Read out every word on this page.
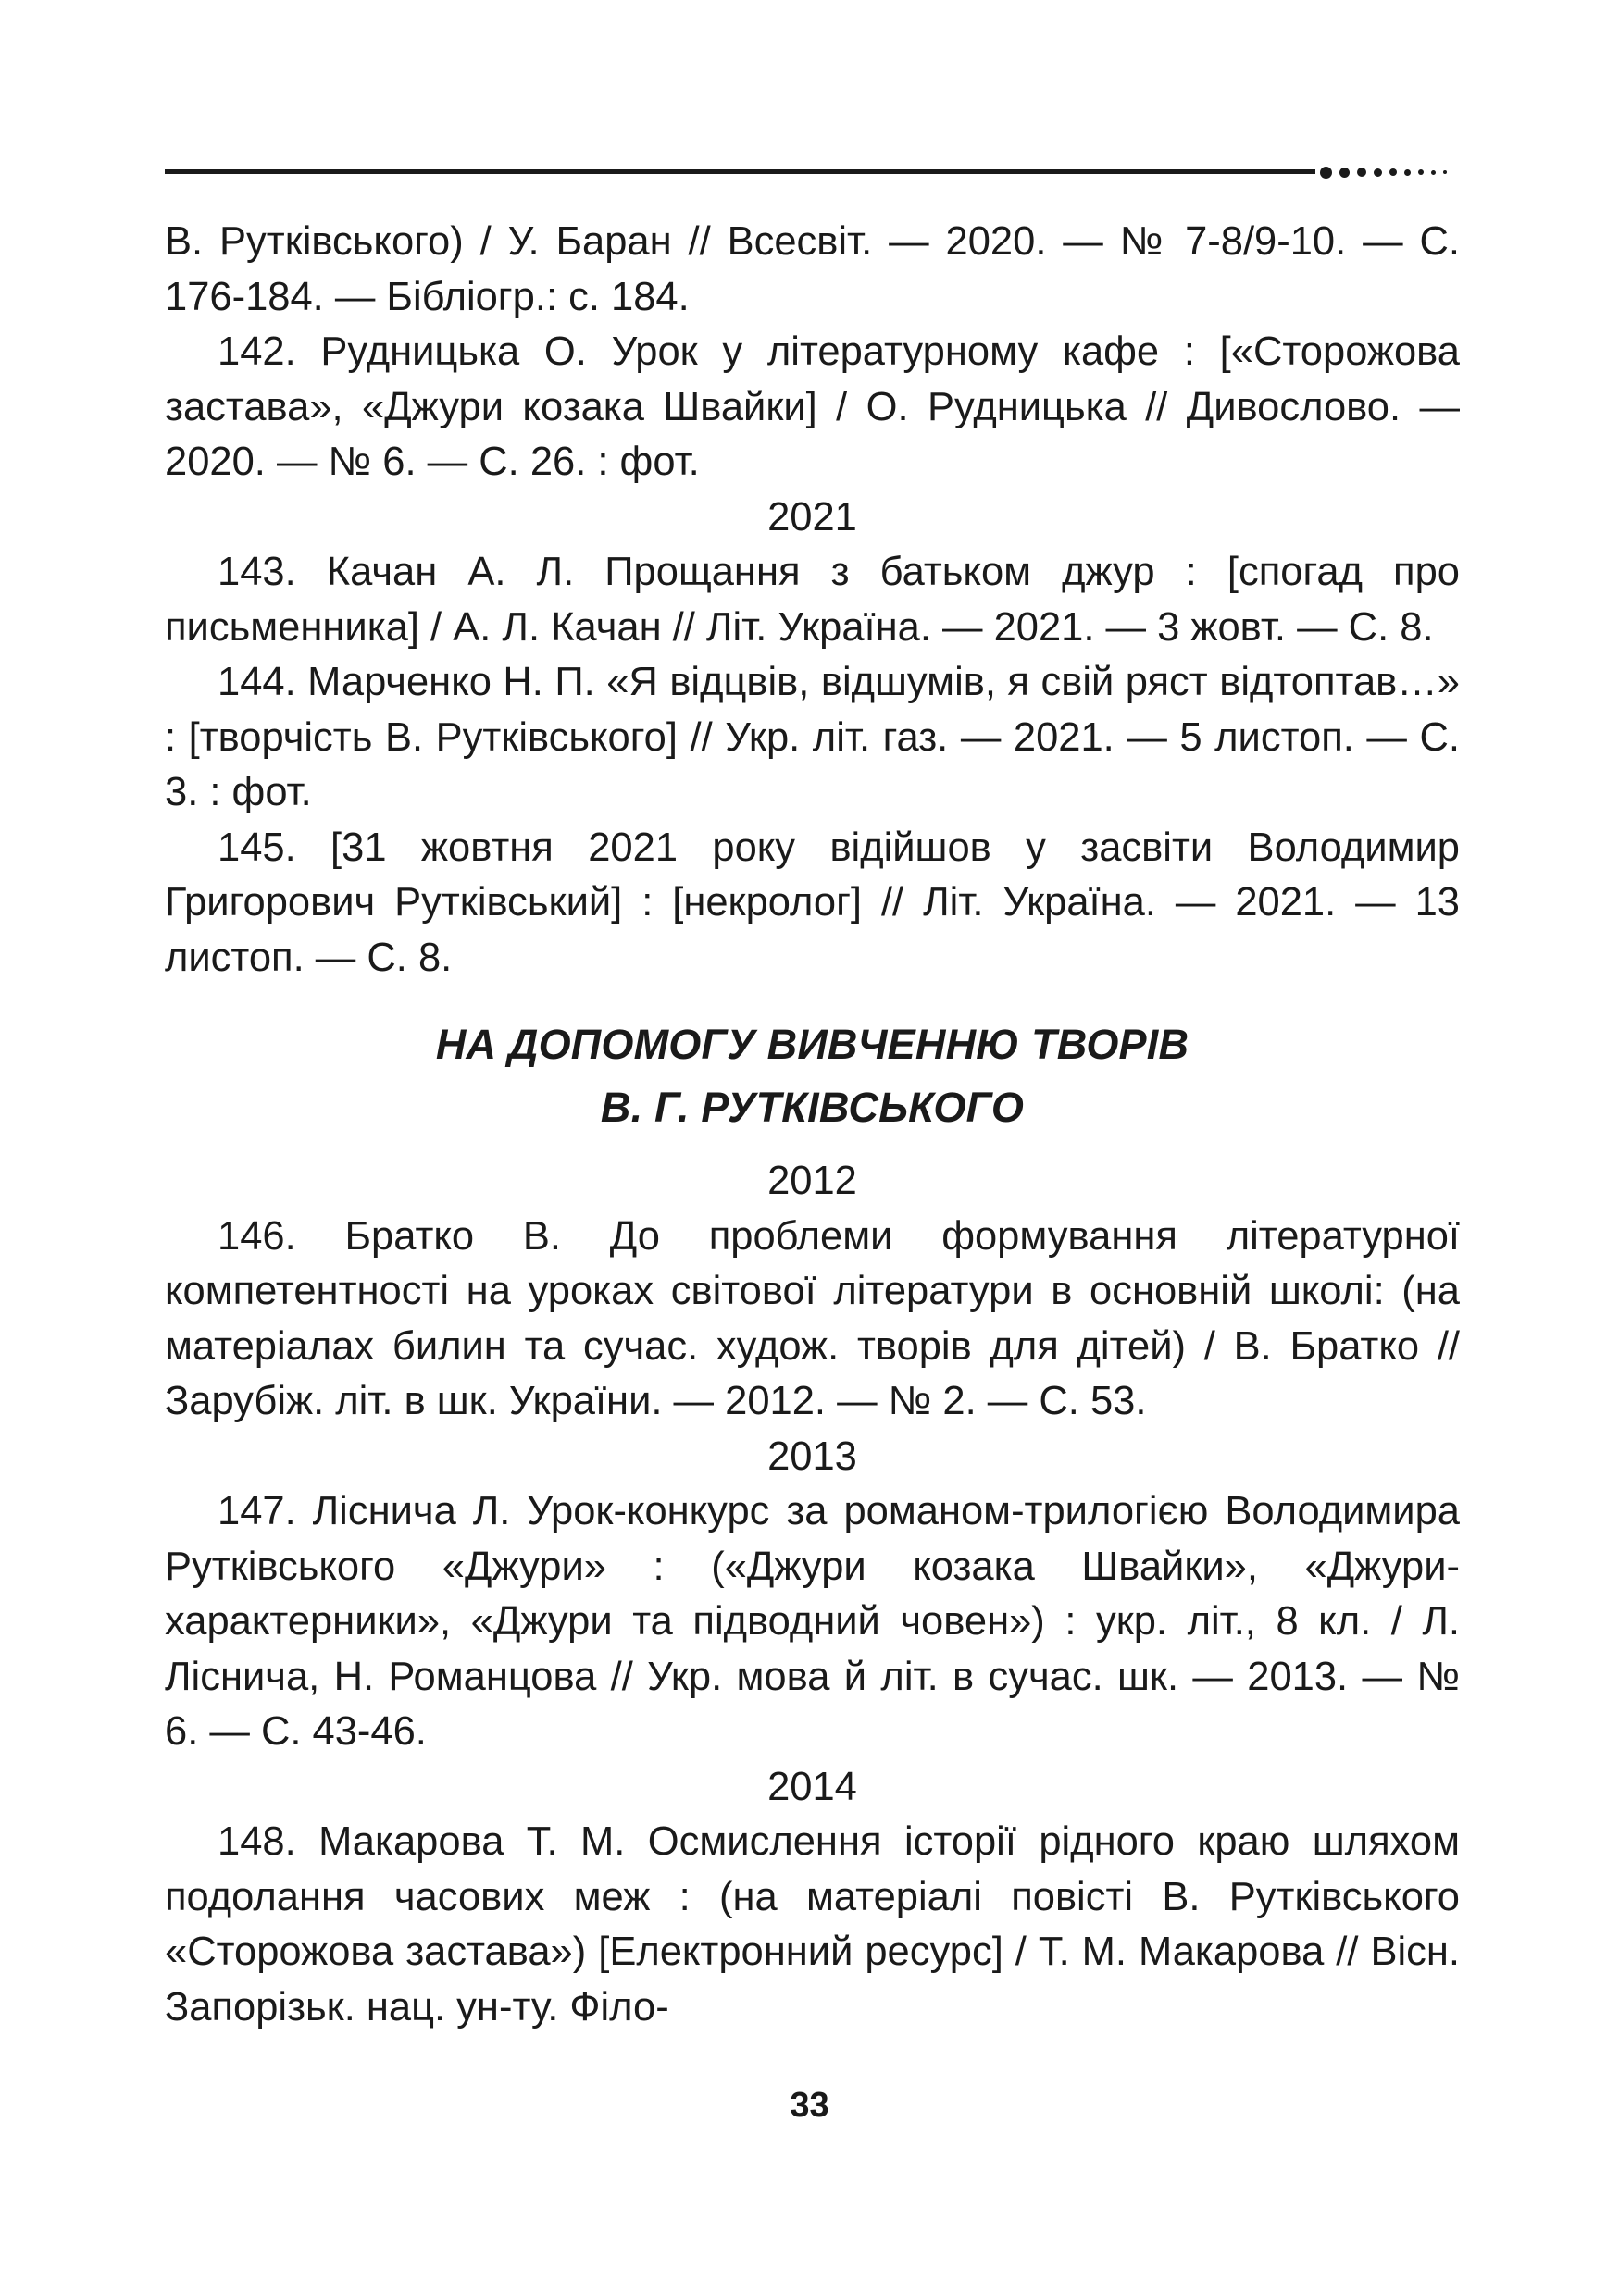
В. Рутківського) / У. Баран // Всесвіт. — 2020. — № 7-8/9-10. — С. 176-184. — Бібліогр.: с. 184.

142. Рудницька О. Урок у літературному кафе : [«Сторожова застава», «Джури козака Швайки] / О. Рудницька // Дивослово. — 2020. — № 6. — С. 26. : фот.

2021

143. Качан А. Л. Прощання з батьком джур : [спогад про письменника] / А. Л. Качан // Літ. Україна. — 2021. — 3 жовт. — С. 8.

144. Марченко Н. П. «Я відцвів, відшумів, я свій ряст відтоптав…» : [творчість В. Рутківського] // Укр. літ. газ. — 2021. — 5 листоп. — С. 3. : фот.

145. [31 жовтня 2021 року відійшов у засвіти Володимир Григорович Рутківський] : [некролог] // Літ. Україна. — 2021. — 13 листоп. — С. 8.

НА ДОПОМОГУ ВИВЧЕННЮ ТВОРІВ
В. Г. РУТКІВСЬКОГО

2012

146. Братко В. До проблеми формування літературної компетентності на уроках світової літератури в основній школі: (на матеріалах билин та сучас. худож. творів для дітей) / В. Братко // Зарубіж. літ. в шк. України. — 2012. — № 2. — С. 53.

2013

147. Ліснича Л. Урок-конкурс за романом-трилогією Володимира Рутківського «Джури» : («Джури козака Швайки», «Джури-характерники», «Джури та підводний човен») : укр. літ., 8 кл. / Л. Ліснича, Н. Романцова // Укр. мова й літ. в сучас. шк. — 2013. — № 6. — С. 43-46.

2014

148. Макарова Т. М. Осмислення історії рідного краю шляхом подолання часових меж : (на матеріалі повісті В. Рутківського «Сторожова застава») [Електронний ресурс] / Т. М. Макарова // Вісн. Запорізьк. нац. ун-ту. Філо-

33
